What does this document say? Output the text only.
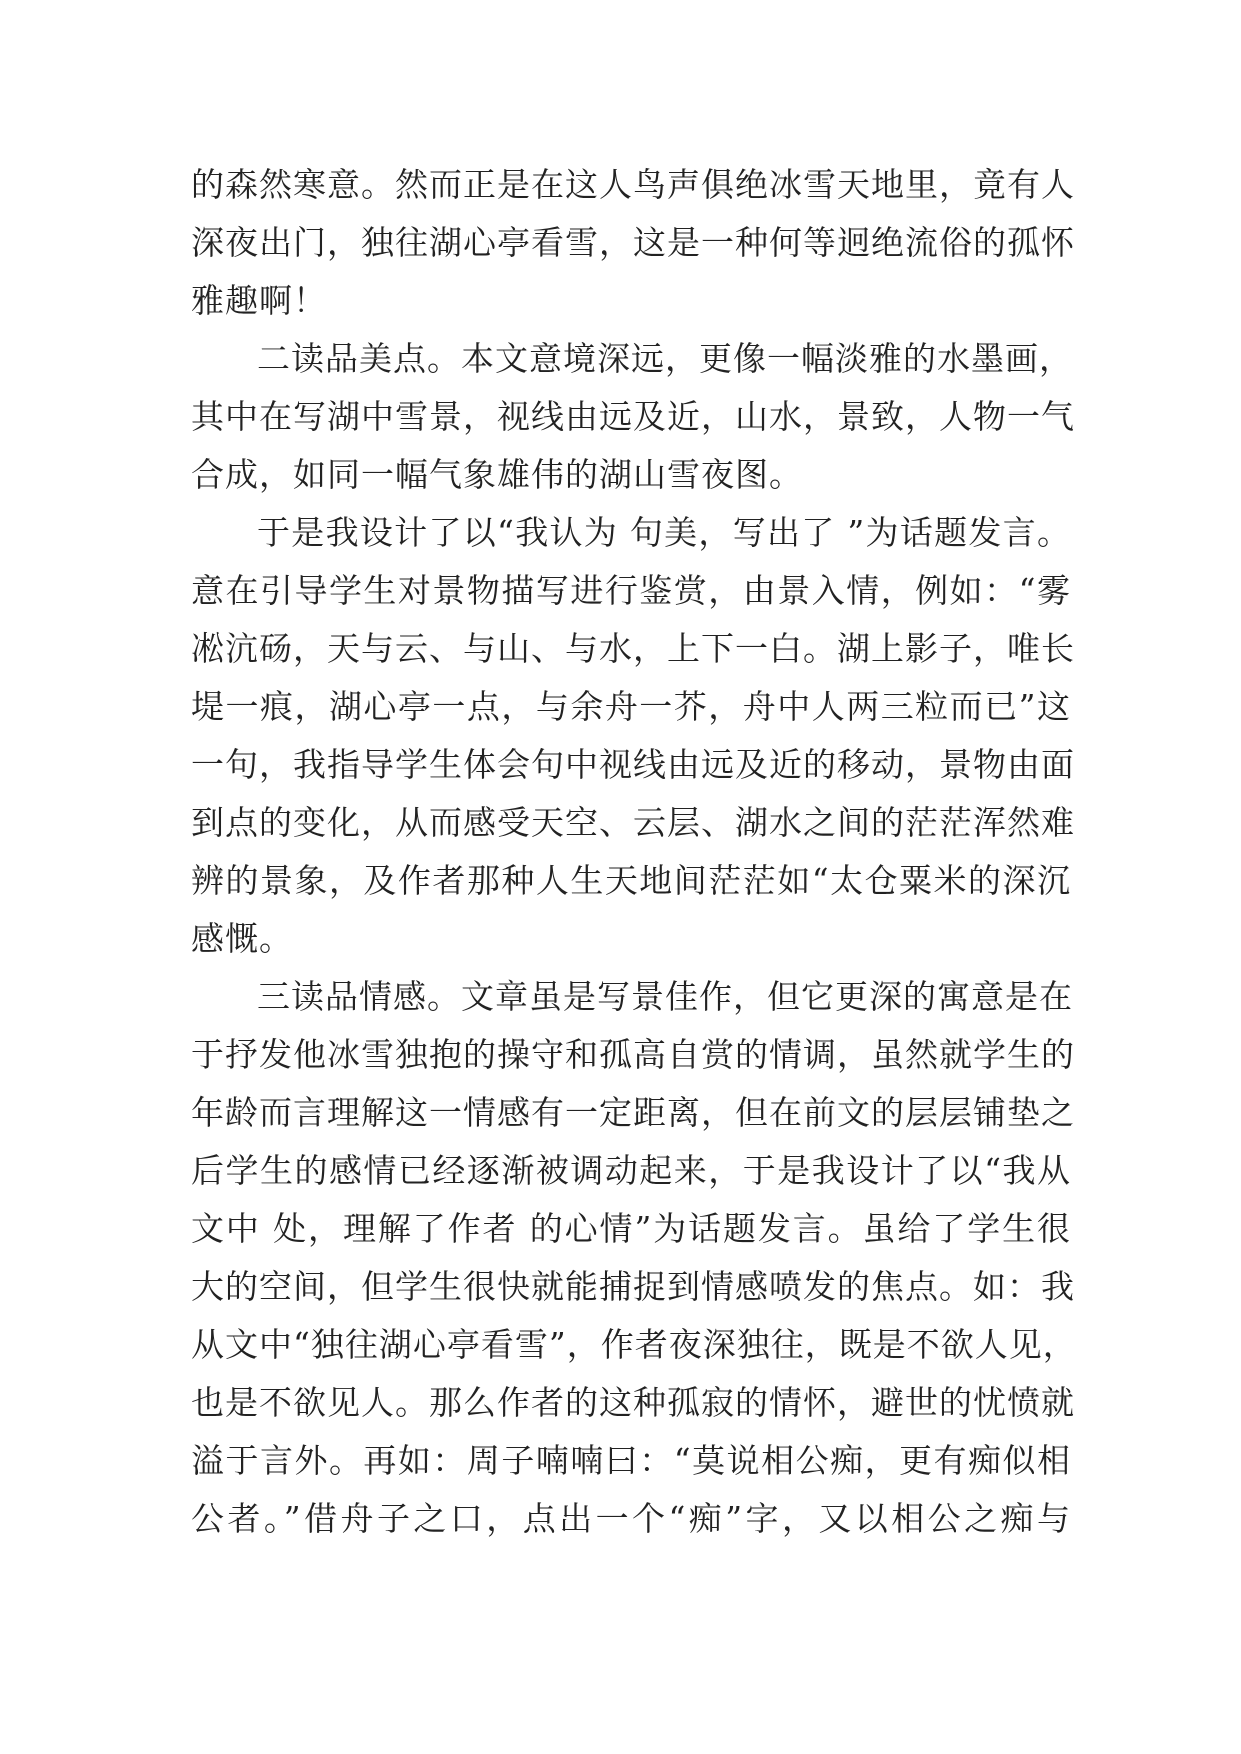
的森然寒意。然而正是在这人鸟声俱绝冰雪天地里，竟有人
深夜出门，独往湖心亭看雪，这是一种何等迥绝流俗的孤怀
雅趣啊！
二读品美点。本文意境深远，更像一幅淡雅的水墨画，
其中在写湖中雪景，视线由远及近，山水，景致，人物一气
合成，如同一幅气象雄伟的湖山雪夜图。
于是我设计了以“我认为 句美，写出了 ”为话题发言。
意在引导学生对景物描写进行鉴赏，由景入情，例如：“雾
凇沆砀，天与云、与山、与水，上下一白。湖上影子，唯长
堤一痕，湖心亭一点，与余舟一芥，舟中人两三粒而已”这
一句，我指导学生体会句中视线由远及近的移动，景物由面
到点的变化，从而感受天空、云层、湖水之间的茫茫浑然难
辨的景象，及作者那种人生天地间茫茫如“太仓粟米的深沉
感慨。
三读品情感。文章虽是写景佳作，但它更深的寓意是在
于抒发他冰雪独抱的操守和孤高自赏的情调，虽然就学生的
年龄而言理解这一情感有一定距离，但在前文的层层铺垫之
后学生的感情已经逐渐被调动起来，于是我设计了以“我从
文中 处，理解了作者 的心情”为话题发言。虽给了学生很
大的空间，但学生很快就能捕捉到情感喷发的焦点。如：我
从文中“独往湖心亭看雪”，作者夜深独往，既是不欲人见，
也是不欲见人。那么作者的这种孤寂的情怀，避世的忧愤就
溢于言外。再如：周子喃喃曰：“莫说相公痴，更有痴似相
公者。”借舟子之口，点出一个“痴”字，又以相公之痴与
